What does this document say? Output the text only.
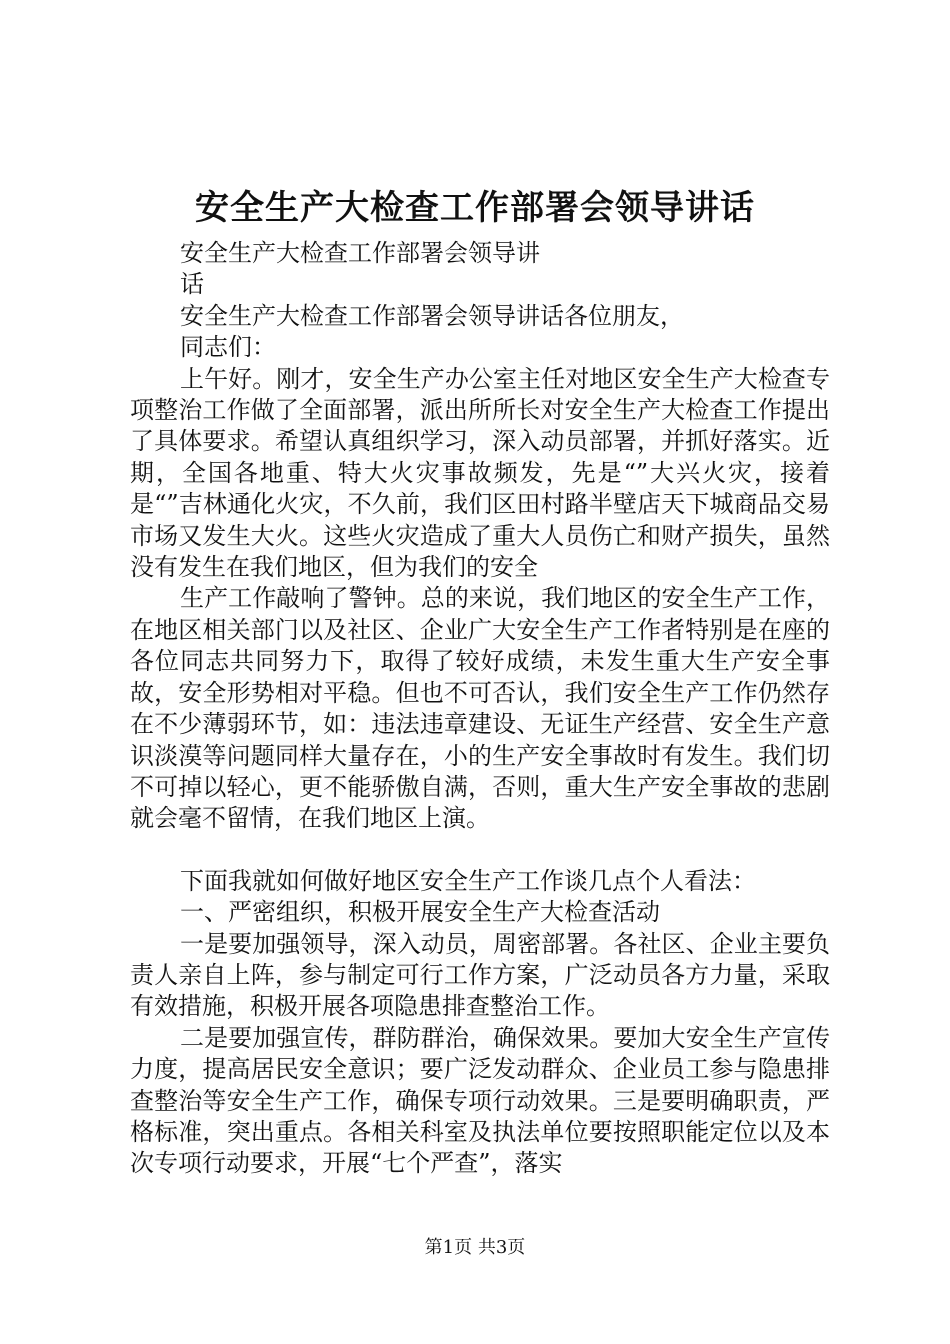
安全生产大检查工作部署会领导讲话

安全生产大检查工作部署会领导讲

话

安全生产大检查工作部署会领导讲话各位朋友，

同志们：

上午好。刚才，安全生产办公室主任对地区安全生产大检查专项整治工作做了全面部署，派出所所长对安全生产大检查工作提出了具体要求。希望认真组织学习，深入动员部署，并抓好落实。近期，全国各地重、特大火灾事故频发，先是“”大兴火灾，接着是“”吉林通化火灾，不久前，我们区田村路半壁店天下城商品交易市场又发生大火。这些火灾造成了重大人员伤亡和财产损失，虽然没有发生在我们地区，但为我们的安全

生产工作敲响了警钟。总的来说，我们地区的安全生产工作，在地区相关部门以及社区、企业广大安全生产工作者特别是在座的各位同志共同努力下，取得了较好成绩，未发生重大生产安全事故，安全形势相对平稳。但也不可否认，我们安全生产工作仍然存在不少薄弱环节，如：违法违章建设、无证生产经营、安全生产意识淡漠等问题同样大量存在，小的生产安全事故时有发生。我们切不可掉以轻心，更不能骄傲自满，否则，重大生产安全事故的悲剧就会毫不留情，在我们地区上演。

下面我就如何做好地区安全生产工作谈几点个人看法：

一、严密组织，积极开展安全生产大检查活动

一是要加强领导，深入动员，周密部署。各社区、企业主要负责人亲自上阵，参与制定可行工作方案，广泛动员各方力量，采取有效措施，积极开展各项隐患排查整治工作。

二是要加强宣传，群防群治，确保效果。要加大安全生产宣传力度，提高居民安全意识；要广泛发动群众、企业员工参与隐患排查整治等安全生产工作，确保专项行动效果。三是要明确职责，严格标准，突出重点。各相关科室及执法单位要按照职能定位以及本次专项行动要求，开展“七个严查”，落实

第1页 共3页
